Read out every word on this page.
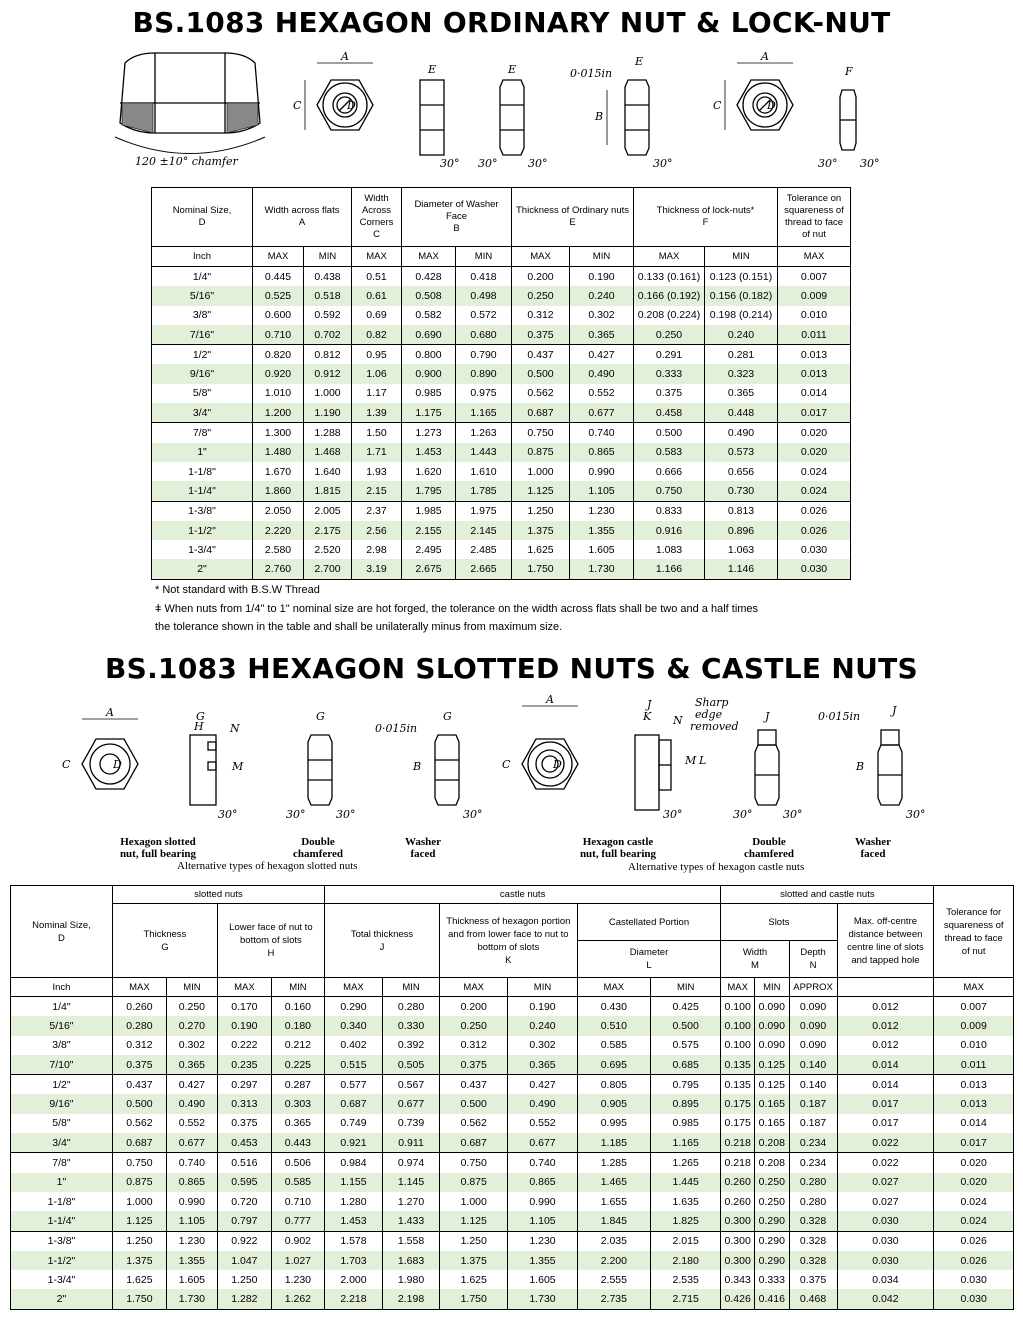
BS.1083 HEXAGON ORDINARY NUT & LOCK-NUT
120 ±10° chamfer
A
C	D
E
30°
E
30°	30°
0·015in
E
B
30°
A
C	D
F
30° 30°
Nominal Size,
D	Width across flats
A		Width
Across
Corners
C	Diameter of Washer
Face
B		Thickness of Ordinary nuts
E		Thickness of lock-nuts*
F		Tolerance on
squareness of
thread to face
of nut
Inch	MAX	MIN	MAX	MAX	MIN	MAX	MIN	MAX	MIN	MAX
1/4"	0.445	0.438	0.51	0.428	0.418	0.200	0.190	0.133 (0.161)	0.123 (0.151)	0.007
5/16"	0.525	0.518	0.61	0.508	0.498	0.250	0.240	0.166 (0.192)	0.156 (0.182)	0.009
3/8"	0.600	0.592	0.69	0.582	0.572	0.312	0.302	0.208 (0.224)	0.198 (0.214)	0.010
7/16"	0.710	0.702	0.82	0.690	0.680	0.375	0.365	0.250	0.240	0.011
1/2"	0.820	0.812	0.95	0.800	0.790	0.437	0.427	0.291	0.281	0.013
9/16"	0.920	0.912	1.06	0.900	0.890	0.500	0.490	0.333	0.323	0.013
5/8"	1.010	1.000	1.17	0.985	0.975	0.562	0.552	0.375	0.365	0.014
3/4"	1.200	1.190	1.39	1.175	1.165	0.687	0.677	0.458	0.448	0.017
7/8"	1.300	1.288	1.50	1.273	1.263	0.750	0.740	0.500	0.490	0.020
1"	1.480	1.468	1.71	1.453	1.443	0.875	0.865	0.583	0.573	0.020
1-1/8"	1.670	1.640	1.93	1.620	1.610	1.000	0.990	0.666	0.656	0.024
1-1/4"	1.860	1.815	2.15	1.795	1.785	1.125	1.105	0.750	0.730	0.024
1-3/8"	2.050	2.005	2.37	1.985	1.975	1.250	1.230	0.833	0.813	0.026
1-1/2"	2.220	2.175	2.56	2.155	2.145	1.375	1.355	0.916	0.896	0.026
1-3/4"	2.580	2.520	2.98	2.495	2.485	1.625	1.605	1.083	1.063	0.030
2"	2.760	2.700	3.19	2.675	2.665	1.750	1.730	1.166	1.146	0.030
* Not standard with B.S.W Thread
ǂ When nuts from 1/4" to 1" nominal size are hot forged, the tolerance on the width across flats shall be two and a half times
the tolerance shown in the table and shall be unilaterally minus from maximum size.
BS.1083 HEXAGON SLOTTED NUTS & CASTLE NUTS
A
C	D
G
H N
M
30°
G
30°	30°
0·015in
G
B
30°
A
C	D
J
K N
M L
Sharp
edge
removed
30°
J
30°	30°
0·015in	J
B
30°
Hexagon slotted
nut, full bearing
Double
chamfered
Washer
faced
Alternative types of hexagon slotted nuts
Hexagon castle
nut, full bearing
Double
chamfered
Washer
faced
Alternative types of hexagon castle nuts
Nominal Size,
D	slotted nuts				castle nuts						slotted and castle nuts				Tolerance for
squareness of
thread to face
of nut
	Thickness
G		Lower face of nut to
bottom of slots
H		Total thickness
J		Thickness of hexagon portion
and from lower face to nut to
bottom of slots
K		Castellated Portion		Slots			Max. off-centre
distance between
centre line of slots
and tapped hole	
									Diameter
L		Width
M		Depth
N		
Inch	MAX	MIN	MAX	MIN	MAX	MIN	MAX	MIN	MAX	MIN	MAX	MIN	APPROX		MAX
1/4"	0.260	0.250	0.170	0.160	0.290	0.280	0.200	0.190	0.430	0.425	0.100	0.090	0.090	0.012	0.007
5/16"	0.280	0.270	0.190	0.180	0.340	0.330	0.250	0.240	0.510	0.500	0.100	0.090	0.090	0.012	0.009
3/8"	0.312	0.302	0.222	0.212	0.402	0.392	0.312	0.302	0.585	0.575	0.100	0.090	0.090	0.012	0.010
7/10"	0.375	0.365	0.235	0.225	0.515	0.505	0.375	0.365	0.695	0.685	0.135	0.125	0.140	0.014	0.011
1/2"	0.437	0.427	0.297	0.287	0.577	0.567	0.437	0.427	0.805	0.795	0.135	0.125	0.140	0.014	0.013
9/16"	0.500	0.490	0.313	0.303	0.687	0.677	0.500	0.490	0.905	0.895	0.175	0.165	0.187	0.017	0.013
5/8"	0.562	0.552	0.375	0.365	0.749	0.739	0.562	0.552	0.995	0.985	0.175	0.165	0.187	0.017	0.014
3/4"	0.687	0.677	0.453	0.443	0.921	0.911	0.687	0.677	1.185	1.165	0.218	0.208	0.234	0.022	0.017
7/8"	0.750	0.740	0.516	0.506	0.984	0.974	0.750	0.740	1.285	1.265	0.218	0.208	0.234	0.022	0.020
1"	0.875	0.865	0.595	0.585	1.155	1.145	0.875	0.865	1.465	1.445	0.260	0.250	0.280	0.027	0.020
1-1/8"	1.000	0.990	0.720	0.710	1.280	1.270	1.000	0.990	1.655	1.635	0.260	0.250	0.280	0.027	0.024
1-1/4"	1.125	1.105	0.797	0.777	1.453	1.433	1.125	1.105	1.845	1.825	0.300	0.290	0.328	0.030	0.024
1-3/8"	1.250	1.230	0.922	0.902	1.578	1.558	1.250	1.230	2.035	2.015	0.300	0.290	0.328	0.030	0.026
1-1/2"	1.375	1.355	1.047	1.027	1.703	1.683	1.375	1.355	2.200	2.180	0.300	0.290	0.328	0.030	0.026
1-3/4"	1.625	1.605	1.250	1.230	2.000	1.980	1.625	1.605	2.555	2.535	0.343	0.333	0.375	0.034	0.030
2"	1.750	1.730	1.282	1.262	2.218	2.198	1.750	1.730	2.735	2.715	0.426	0.416	0.468	0.042	0.030
